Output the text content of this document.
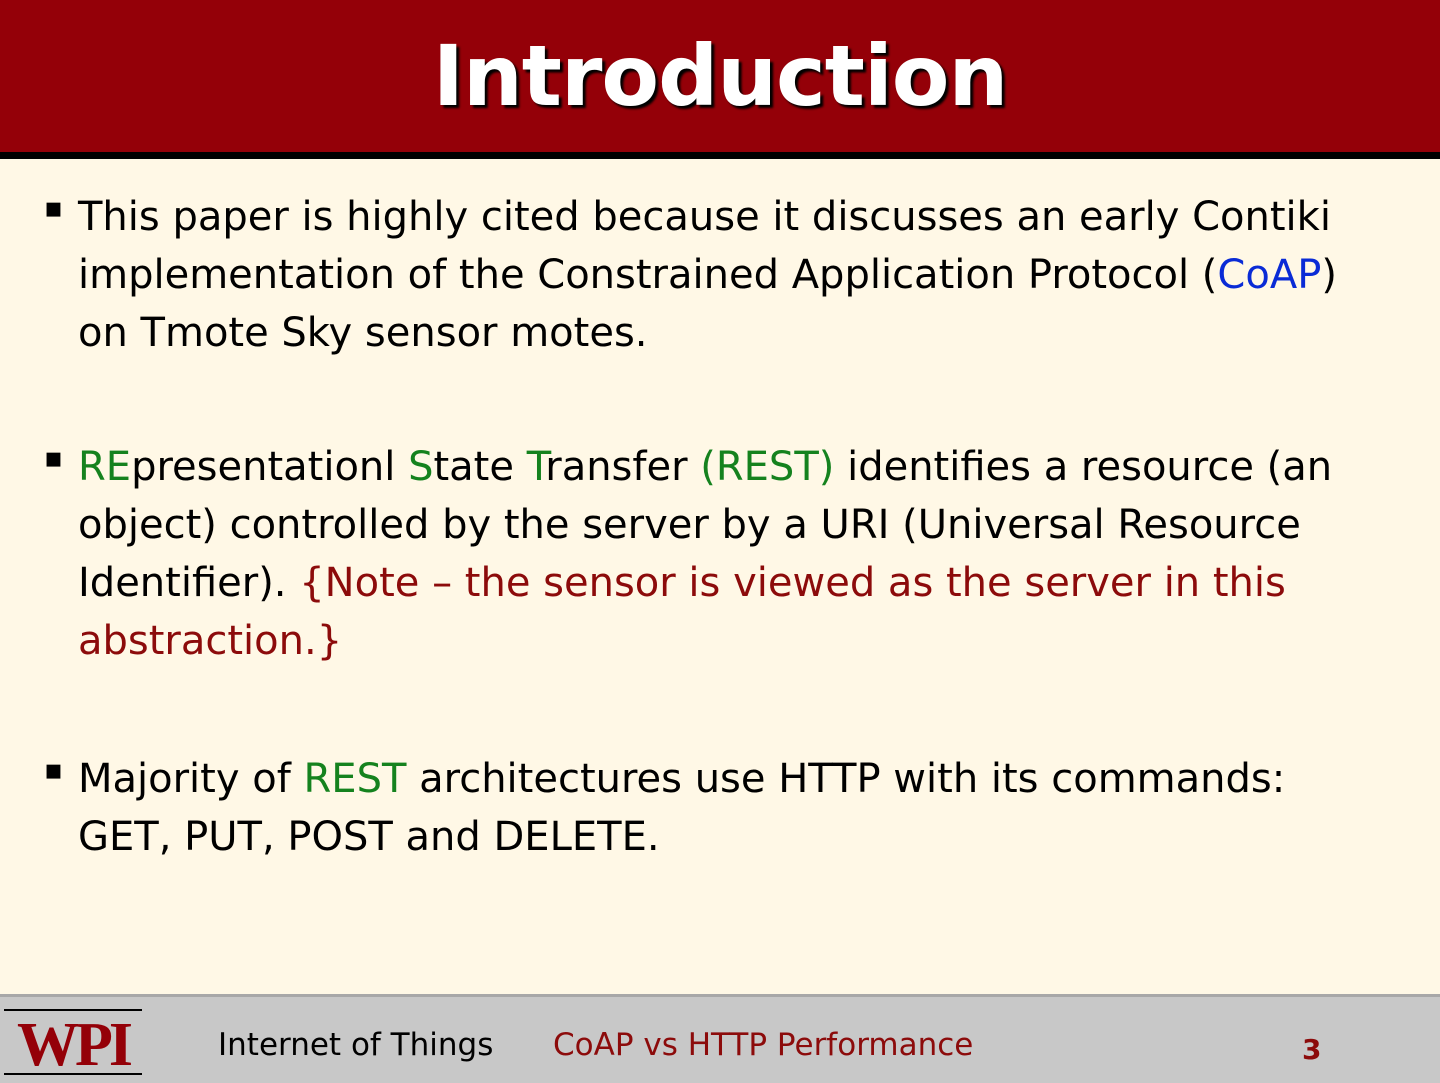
Introduction
▪ This paper is highly cited because it discusses an early Contiki implementation of the Constrained Application Protocol (CoAP) on Tmote Sky sensor motes.
▪ REpresentationl State Transfer (REST) identifies a resource (an object) controlled by the server by a URI (Universal Resource Identifier). {Note – the sensor is viewed as the server in this abstraction.}
▪ Majority of REST architectures use HTTP with its commands: GET, PUT, POST and DELETE.
WPI	Internet of Things CoAP vs HTTP Performance	3
